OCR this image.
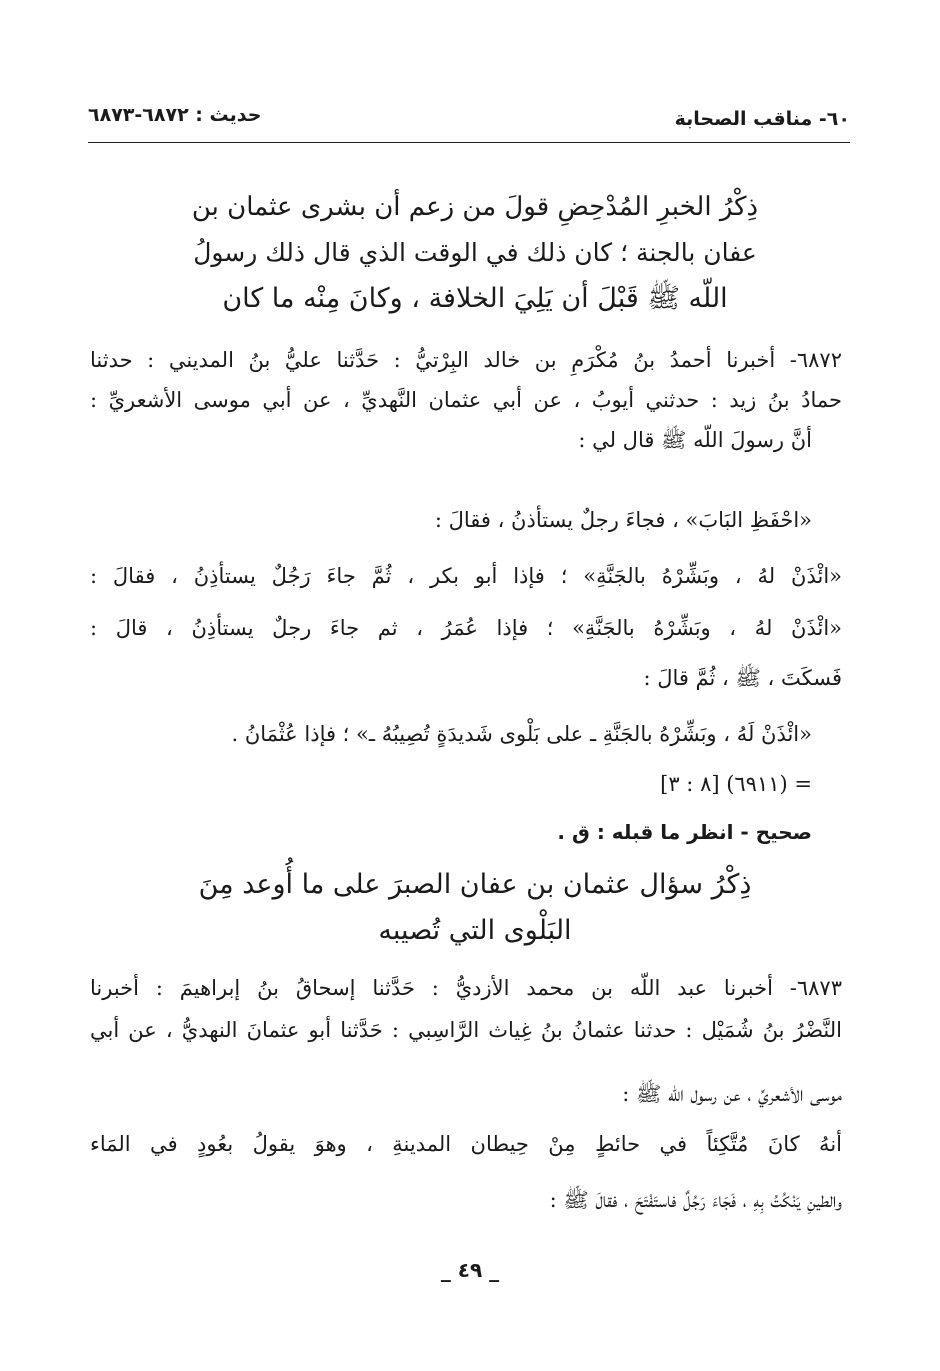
٦٠- مناقب الصحابة
حديث : ٦٨٧٢-٦٨٧٣
ذِكْرُ الخبرِ المُدْحِضِ قولَ من زعم أن بشرى عثمان بن
عفان بالجنة ؛ كان ذلك في الوقت الذي قال ذلك رسولُ
اللّه ﷺ قَبْلَ أن يَلِيَ الخلافة ، وكانَ مِنْه ما كان
٦٨٧٢- أخبرنا أحمدُ بنُ مُكْرَمِ بن خالد البِرْتيُّ : حَدَّثنا عليُّ بنُ المديني : حدثنا
حمادُ بنُ زيد : حدثني أيوبُ ، عن أبي عثمان النَّهديِّ ، عن أبي موسى الأشعريِّ :
أنَّ رسولَ اللّه ﷺ قال لي :
«احْفَظِ البَابَ» ، فجاءَ رجلٌ يستأذنُ ، فقالَ :
«ائْذَنْ لهُ ، وبَشِّرْهُ بالجَنَّةِ» ؛ فإذا أبو بكر ، ثُمَّ جاءَ رَجُلٌ يستأذِنُ ، فقالَ :
«ائْذَنْ لهُ ، وبَشِّرْهُ بالجَنَّةِ» ؛ فإذا عُمَرُ ، ثم جاءَ رجلٌ يستأذِنُ ، قالَ :
فَسكَتَ ، ﷺ ، ثُمَّ قالَ :
«ائْذَنْ لَهُ ، وبَشِّرْهُ بالجَنَّةِ ـ على بَلْوى شَديدَةٍ تُصِيبُهُ ـ» ؛ فإذا عُثْمَانُ .
= (٦٩١١) [٨ : ٣]
صحيح - انظر ما قبله : ق .
ذِكْرُ سؤال عثمان بن عفان الصبرَ على ما أُوعد مِنَ
البَلْوى التي تُصيبه
٦٨٧٣- أخبرنا عبد اللّه بن محمد الأزديُّ : حَدَّثنا إسحاقُ بنُ إبراهيمَ : أخبرنا
النَّضْرُ بنُ شُمَيْل : حدثنا عثمانُ بنُ غِياث الرَّاسِبي : حَدَّثنا أبو عثمانَ النهديُّ ، عن أبي
موسى الأشعريِّ ، عن رسول اللّه ﷺ :
أنهُ كانَ مُتَّكِئاً في حائطٍ مِنْ حِيطان المدينةِ ، وهوَ يقولُ بعُودٍ في المَاء
والطينِ يَنْكُتُ بِهِ ، فَجَاءَ رَجُلٌ فاستَفْتَحَ ، فقالَ ﷺ :
_ ٤٩ _
